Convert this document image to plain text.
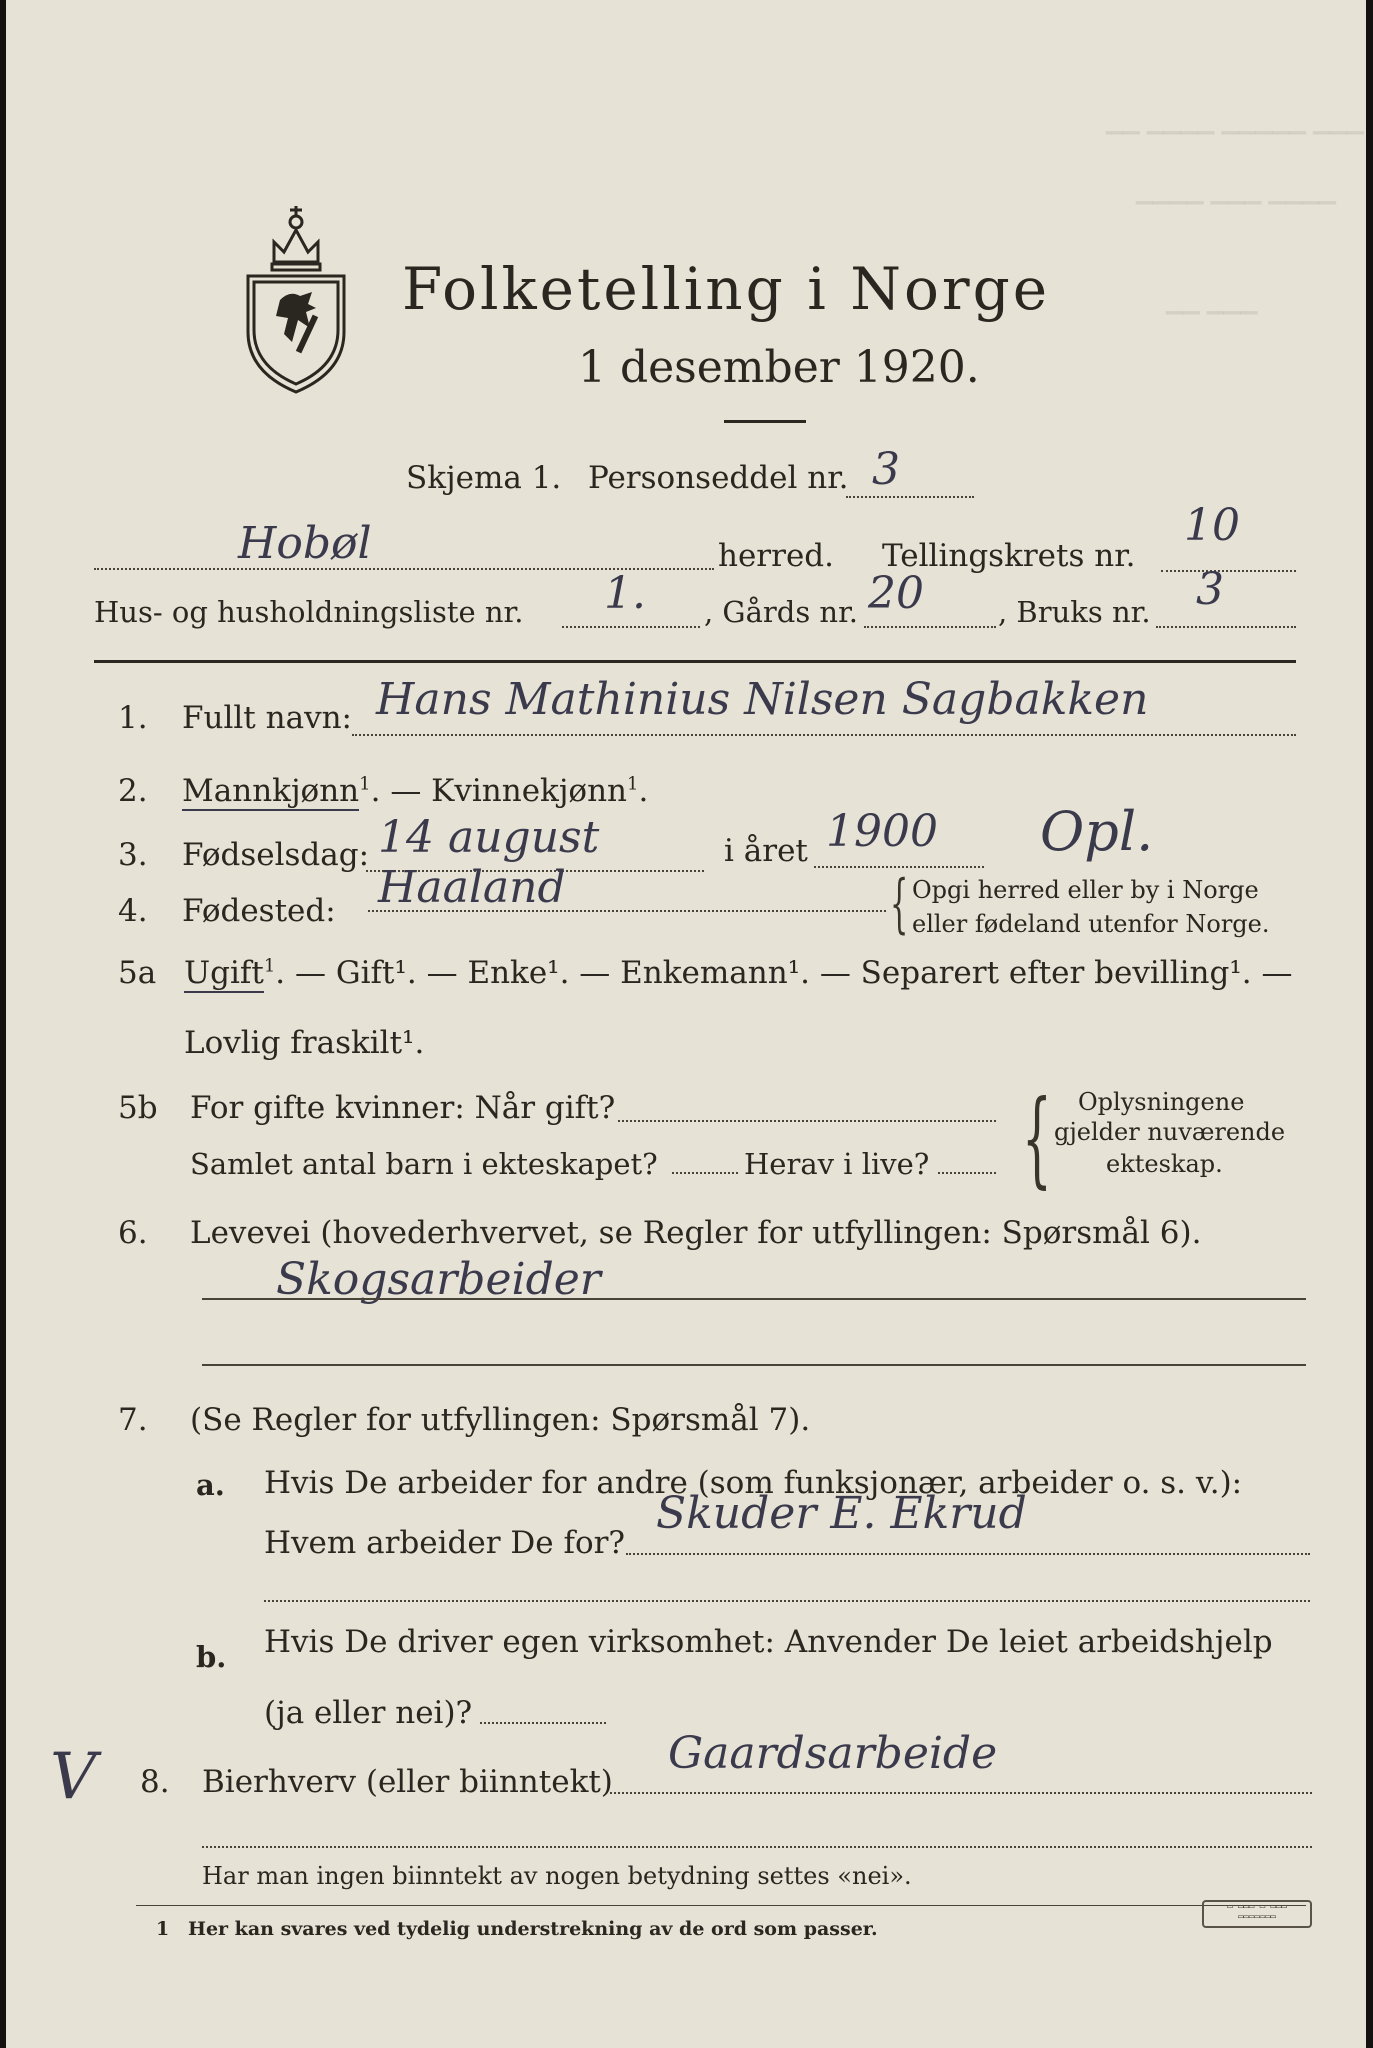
▁▁ ▁▁▁▁ ▁▁▁▁▁ ▁▁▁
▁▁▁▁ ▁▁▁ ▁▁▁▁
▁▁ ▁▁▁
Folketelling i Norge
1 desember 1920.
Skjema 1. Personseddel nr. 3
Hobøl	herred. Tellingskrets nr.
10
Hus- og husholdningsliste nr. 1. , Gårds nr. 20	, Bruks nr. 3
1. Fullt navn: Hans Mathinius Nilsen Sagbakken
2. Mannkjønn$^1$. — Kvinnekjønn$^1$.
3. Fødselsdag: 14 august	i året 1900 Opl.
4. Fødested: Haaland	{ Opgi herred eller by i Norge
eller fødeland utenfor Norge.
5a Ugift$^1$. — Gift¹. — Enke¹. — Enkemann¹. — Separert efter bevilling¹. —
Lovlig fraskilt¹.
5b For gifte kvinner: Når gift?
Samlet antal barn i ekteskapet?	Herav i live? { Oplysningene
gjelder nuværende
ekteskap.
6. Levevei (hovederhvervet, se Regler for utfyllingen: Spørsmål 6).
Skogsarbeider
7. (Se Regler for utfyllingen: Spørsmål 7).
a. Hvis De arbeider for andre (som funksjonær, arbeider o. s. v.):
Hvem arbeider De for?
Skuder E. Ekrud
b. Hvis De driver egen virksomhet: Anvender De leiet arbeidshjelp
(ja eller nei)?
V 8. Bierhverv (eller biinntekt)
Gaardsarbeide
Har man ingen biinntekt av nogen betydning settes «nei».
1 Her kan svares ved tydelig understrekning av de ord som passer.
▭ ▭▭▭ ▭ ▭▭▭
▭▭▭▭▭▭▭
